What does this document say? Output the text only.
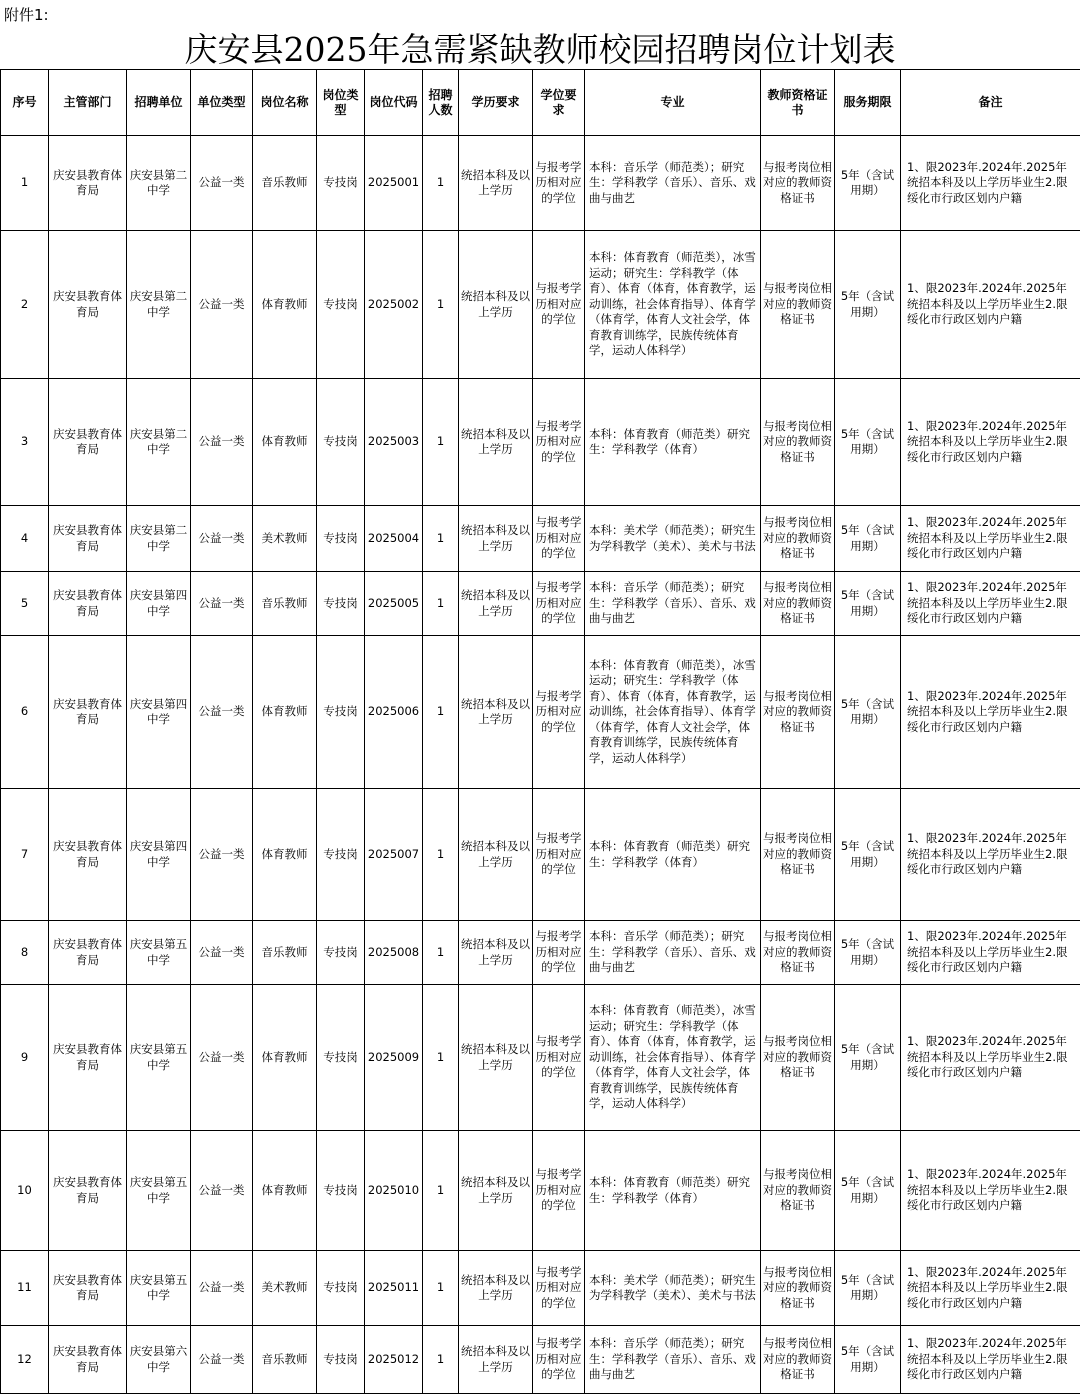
附件1:
庆安县2025年急需紧缺教师校园招聘岗位计划表
序号	主管部门	招聘单位	单位类型	岗位名称	岗位类型	岗位代码	招聘人数	学历要求	学位要求	专业	教师资格证书	服务期限	备注
1	庆安县教育体育局	庆安县第二中学	公益一类	音乐教师	专技岗	2025001	1	统招本科及以上学历	与报考学历相对应的学位	本科：音乐学（师范类）；研究生：学科教学（音乐）、音乐、戏曲与曲艺	与报考岗位相对应的教师资格证书	5年（含试用期）	1、限2023年.2024年.2025年统招本科及以上学历毕业生2.限绥化市行政区划内户籍
2	庆安县教育体育局	庆安县第二中学	公益一类	体育教师	专技岗	2025002	1	统招本科及以上学历	与报考学历相对应的学位	本科：体育教育（师范类），冰雪运动；研究生：学科教学（体育）、体育（体育，体育教学，运动训练，社会体育指导）、体育学（体育学，体育人文社会学，体育教育训练学，民族传统体育学，运动人体科学）	与报考岗位相对应的教师资格证书	5年（含试用期）	1、限2023年.2024年.2025年统招本科及以上学历毕业生2.限绥化市行政区划内户籍
3	庆安县教育体育局	庆安县第二中学	公益一类	体育教师	专技岗	2025003	1	统招本科及以上学历	与报考学历相对应的学位	本科：体育教育（师范类）研究生：学科教学（体育）	与报考岗位相对应的教师资格证书	5年（含试用期）	1、限2023年.2024年.2025年统招本科及以上学历毕业生2.限绥化市行政区划内户籍
4	庆安县教育体育局	庆安县第二中学	公益一类	美术教师	专技岗	2025004	1	统招本科及以上学历	与报考学历相对应的学位	本科：美术学（师范类）；研究生为学科教学（美术）、美术与书法	与报考岗位相对应的教师资格证书	5年（含试用期）	1、限2023年.2024年.2025年统招本科及以上学历毕业生2.限绥化市行政区划内户籍
5	庆安县教育体育局	庆安县第四中学	公益一类	音乐教师	专技岗	2025005	1	统招本科及以上学历	与报考学历相对应的学位	本科：音乐学（师范类）；研究生：学科教学（音乐）、音乐、戏曲与曲艺	与报考岗位相对应的教师资格证书	5年（含试用期）	1、限2023年.2024年.2025年统招本科及以上学历毕业生2.限绥化市行政区划内户籍
6	庆安县教育体育局	庆安县第四中学	公益一类	体育教师	专技岗	2025006	1	统招本科及以上学历	与报考学历相对应的学位	本科：体育教育（师范类），冰雪运动；研究生：学科教学（体育）、体育（体育，体育教学，运动训练，社会体育指导）、体育学（体育学，体育人文社会学，体育教育训练学，民族传统体育学，运动人体科学）	与报考岗位相对应的教师资格证书	5年（含试用期）	1、限2023年.2024年.2025年统招本科及以上学历毕业生2.限绥化市行政区划内户籍
7	庆安县教育体育局	庆安县第四中学	公益一类	体育教师	专技岗	2025007	1	统招本科及以上学历	与报考学历相对应的学位	本科：体育教育（师范类）研究生：学科教学（体育）	与报考岗位相对应的教师资格证书	5年（含试用期）	1、限2023年.2024年.2025年统招本科及以上学历毕业生2.限绥化市行政区划内户籍
8	庆安县教育体育局	庆安县第五中学	公益一类	音乐教师	专技岗	2025008	1	统招本科及以上学历	与报考学历相对应的学位	本科：音乐学（师范类）；研究生：学科教学（音乐）、音乐、戏曲与曲艺	与报考岗位相对应的教师资格证书	5年（含试用期）	1、限2023年.2024年.2025年统招本科及以上学历毕业生2.限绥化市行政区划内户籍
9	庆安县教育体育局	庆安县第五中学	公益一类	体育教师	专技岗	2025009	1	统招本科及以上学历	与报考学历相对应的学位	本科：体育教育（师范类），冰雪运动；研究生：学科教学（体育）、体育（体育，体育教学，运动训练，社会体育指导）、体育学（体育学，体育人文社会学，体育教育训练学，民族传统体育学，运动人体科学）	与报考岗位相对应的教师资格证书	5年（含试用期）	1、限2023年.2024年.2025年统招本科及以上学历毕业生2.限绥化市行政区划内户籍
10	庆安县教育体育局	庆安县第五中学	公益一类	体育教师	专技岗	2025010	1	统招本科及以上学历	与报考学历相对应的学位	本科：体育教育（师范类）研究生：学科教学（体育）	与报考岗位相对应的教师资格证书	5年（含试用期）	1、限2023年.2024年.2025年统招本科及以上学历毕业生2.限绥化市行政区划内户籍
11	庆安县教育体育局	庆安县第五中学	公益一类	美术教师	专技岗	2025011	1	统招本科及以上学历	与报考学历相对应的学位	本科：美术学（师范类）；研究生为学科教学（美术）、美术与书法	与报考岗位相对应的教师资格证书	5年（含试用期）	1、限2023年.2024年.2025年统招本科及以上学历毕业生2.限绥化市行政区划内户籍
12	庆安县教育体育局	庆安县第六中学	公益一类	音乐教师	专技岗	2025012	1	统招本科及以上学历	与报考学历相对应的学位	本科：音乐学（师范类）；研究生：学科教学（音乐）、音乐、戏曲与曲艺	与报考岗位相对应的教师资格证书	5年（含试用期）	1、限2023年.2024年.2025年统招本科及以上学历毕业生2.限绥化市行政区划内户籍
